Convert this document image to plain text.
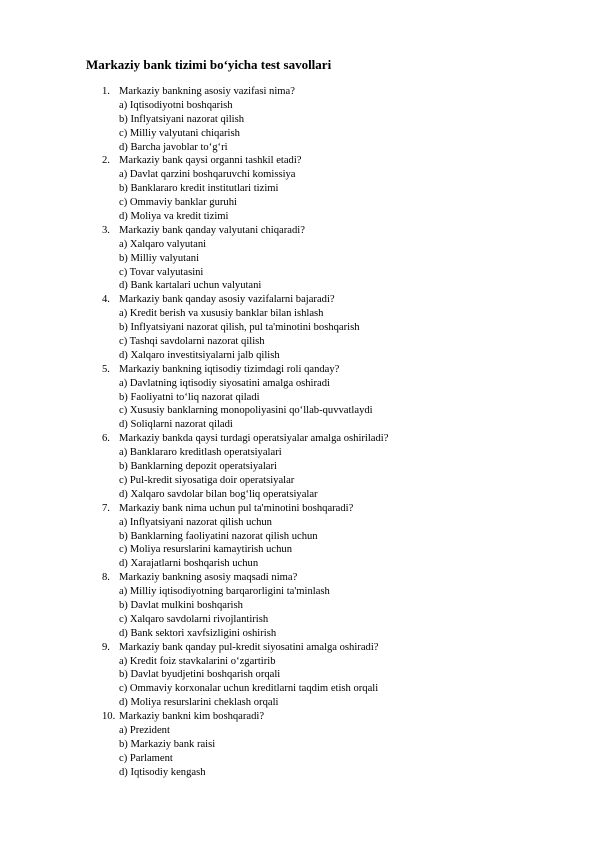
Markaziy bank tizimi bo‘yicha test savollari
1. Markaziy bankning asosiy vazifasi nima?
a) Iqtisodiyotni boshqarish
b) Inflyatsiyani nazorat qilish
c) Milliy valyutani chiqarish
d) Barcha javoblar to‘g‘ri
2. Markaziy bank qaysi organni tashkil etadi?
a) Davlat qarzini boshqaruvchi komissiya
b) Banklararo kredit institutlari tizimi
c) Ommaviy banklar guruhi
d) Moliya va kredit tizimi
3. Markaziy bank qanday valyutani chiqaradi?
a) Xalqaro valyutani
b) Milliy valyutani
c) Tovar valyutasini
d) Bank kartalari uchun valyutani
4. Markaziy bank qanday asosiy vazifalarni bajaradi?
a) Kredit berish va xususiy banklar bilan ishlash
b) Inflyatsiyani nazorat qilish, pul ta'minotini boshqarish
c) Tashqi savdolarni nazorat qilish
d) Xalqaro investitsiyalarni jalb qilish
5. Markaziy bankning iqtisodiy tizimdagi roli qanday?
a) Davlatning iqtisodiy siyosatini amalga oshiradi
b) Faoliyatni to‘liq nazorat qiladi
c) Xususiy banklarning monopoliyasini qo‘llab-quvvatlaydi
d) Soliqlarni nazorat qiladi
6. Markaziy bankda qaysi turdagi operatsiyalar amalga oshiriladi?
a) Banklararo kreditlash operatsiyalari
b) Banklarning depozit operatsiyalari
c) Pul-kredit siyosatiga doir operatsiyalar
d) Xalqaro savdolar bilan bog‘liq operatsiyalar
7. Markaziy bank nima uchun pul ta'minotini boshqaradi?
a) Inflyatsiyani nazorat qilish uchun
b) Banklarning faoliyatini nazorat qilish uchun
c) Moliya resurslarini kamaytirish uchun
d) Xarajatlarni boshqarish uchun
8. Markaziy bankning asosiy maqsadi nima?
a) Milliy iqtisodiyotning barqarorligini ta'minlash
b) Davlat mulkini boshqarish
c) Xalqaro savdolarni rivojlantirish
d) Bank sektori xavfsizligini oshirish
9. Markaziy bank qanday pul-kredit siyosatini amalga oshiradi?
a) Kredit foiz stavkalarini o‘zgartirib
b) Davlat byudjetini boshqarish orqali
c) Ommaviy korxonalar uchun kreditlarni taqdim etish orqali
d) Moliya resurslarini cheklash orqali
10. Markaziy bankni kim boshqaradi?
a) Prezident
b) Markaziy bank raisi
c) Parlament
d) Iqtisodiy kengash
